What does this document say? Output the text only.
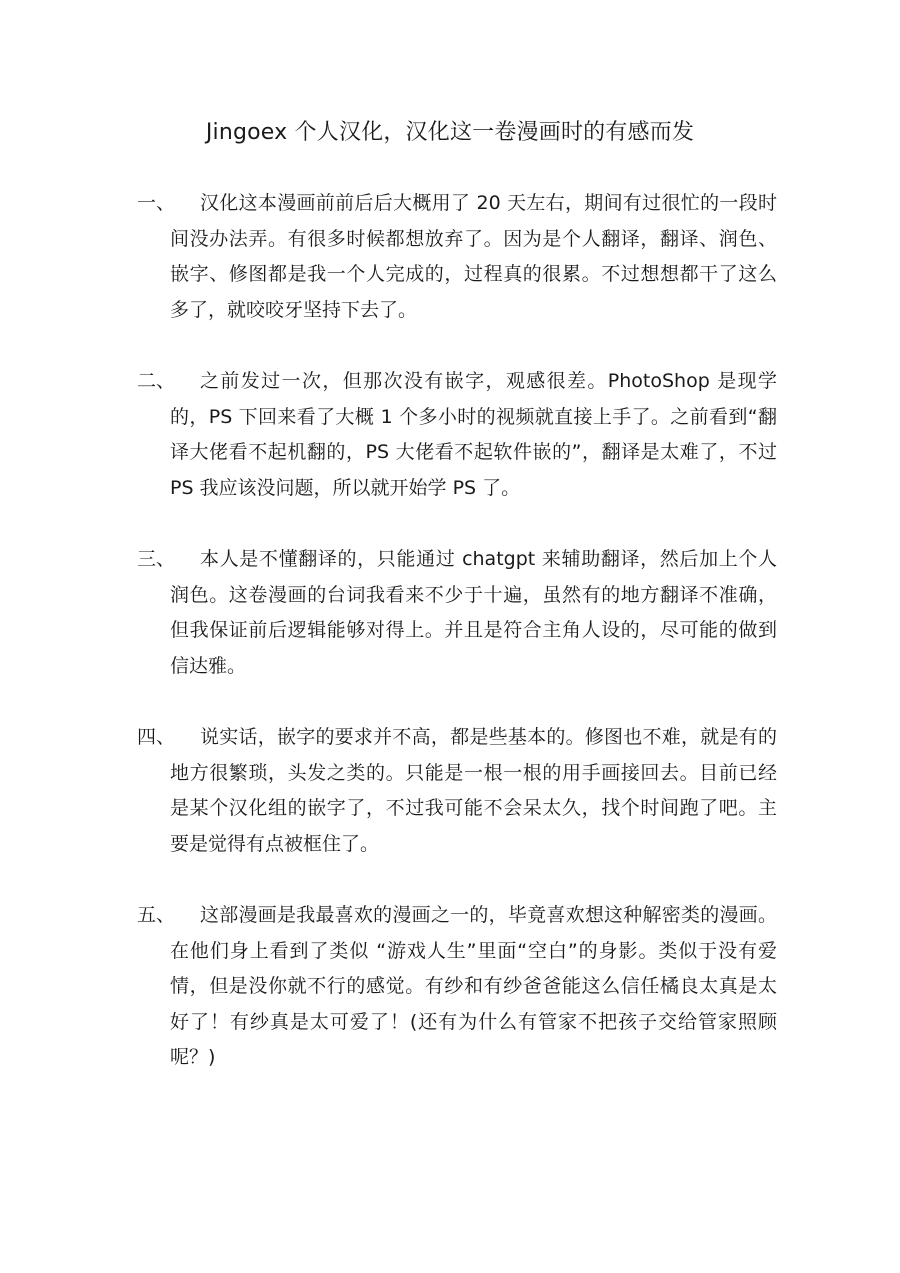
Jingoex 个人汉化，汉化这一卷漫画时的有感而发
一、	汉化这本漫画前前后后大概用了 20 天左右，期间有过很忙的一段时间没办法弄。有很多时候都想放弃了。因为是个人翻译，翻译、润色、嵌字、修图都是我一个人完成的，过程真的很累。不过想想都干了这么多了，就咬咬牙坚持下去了。
二、	之前发过一次，但那次没有嵌字，观感很差。PhotoShop 是现学的，PS 下回来看了大概 1 个多小时的视频就直接上手了。之前看到“翻译大佬看不起机翻的，PS 大佬看不起软件嵌的”，翻译是太难了，不过 PS 我应该没问题，所以就开始学 PS 了。
三、	本人是不懂翻译的，只能通过 chatgpt 来辅助翻译，然后加上个人润色。这卷漫画的台词我看来不少于十遍，虽然有的地方翻译不准确，但我保证前后逻辑能够对得上。并且是符合主角人设的，尽可能的做到信达雅。
四、	说实话，嵌字的要求并不高，都是些基本的。修图也不难，就是有的地方很繁琐，头发之类的。只能是一根一根的用手画接回去。目前已经是某个汉化组的嵌字了，不过我可能不会呆太久，找个时间跑了吧。主要是觉得有点被框住了。
五、	这部漫画是我最喜欢的漫画之一的，毕竟喜欢想这种解密类的漫画。在他们身上看到了类似 “游戏人生”里面“空白”的身影。类似于没有爱情，但是没你就不行的感觉。有纱和有纱爸爸能这么信任橘良太真是太好了！有纱真是太可爱了！(还有为什么有管家不把孩子交给管家照顾呢？)
